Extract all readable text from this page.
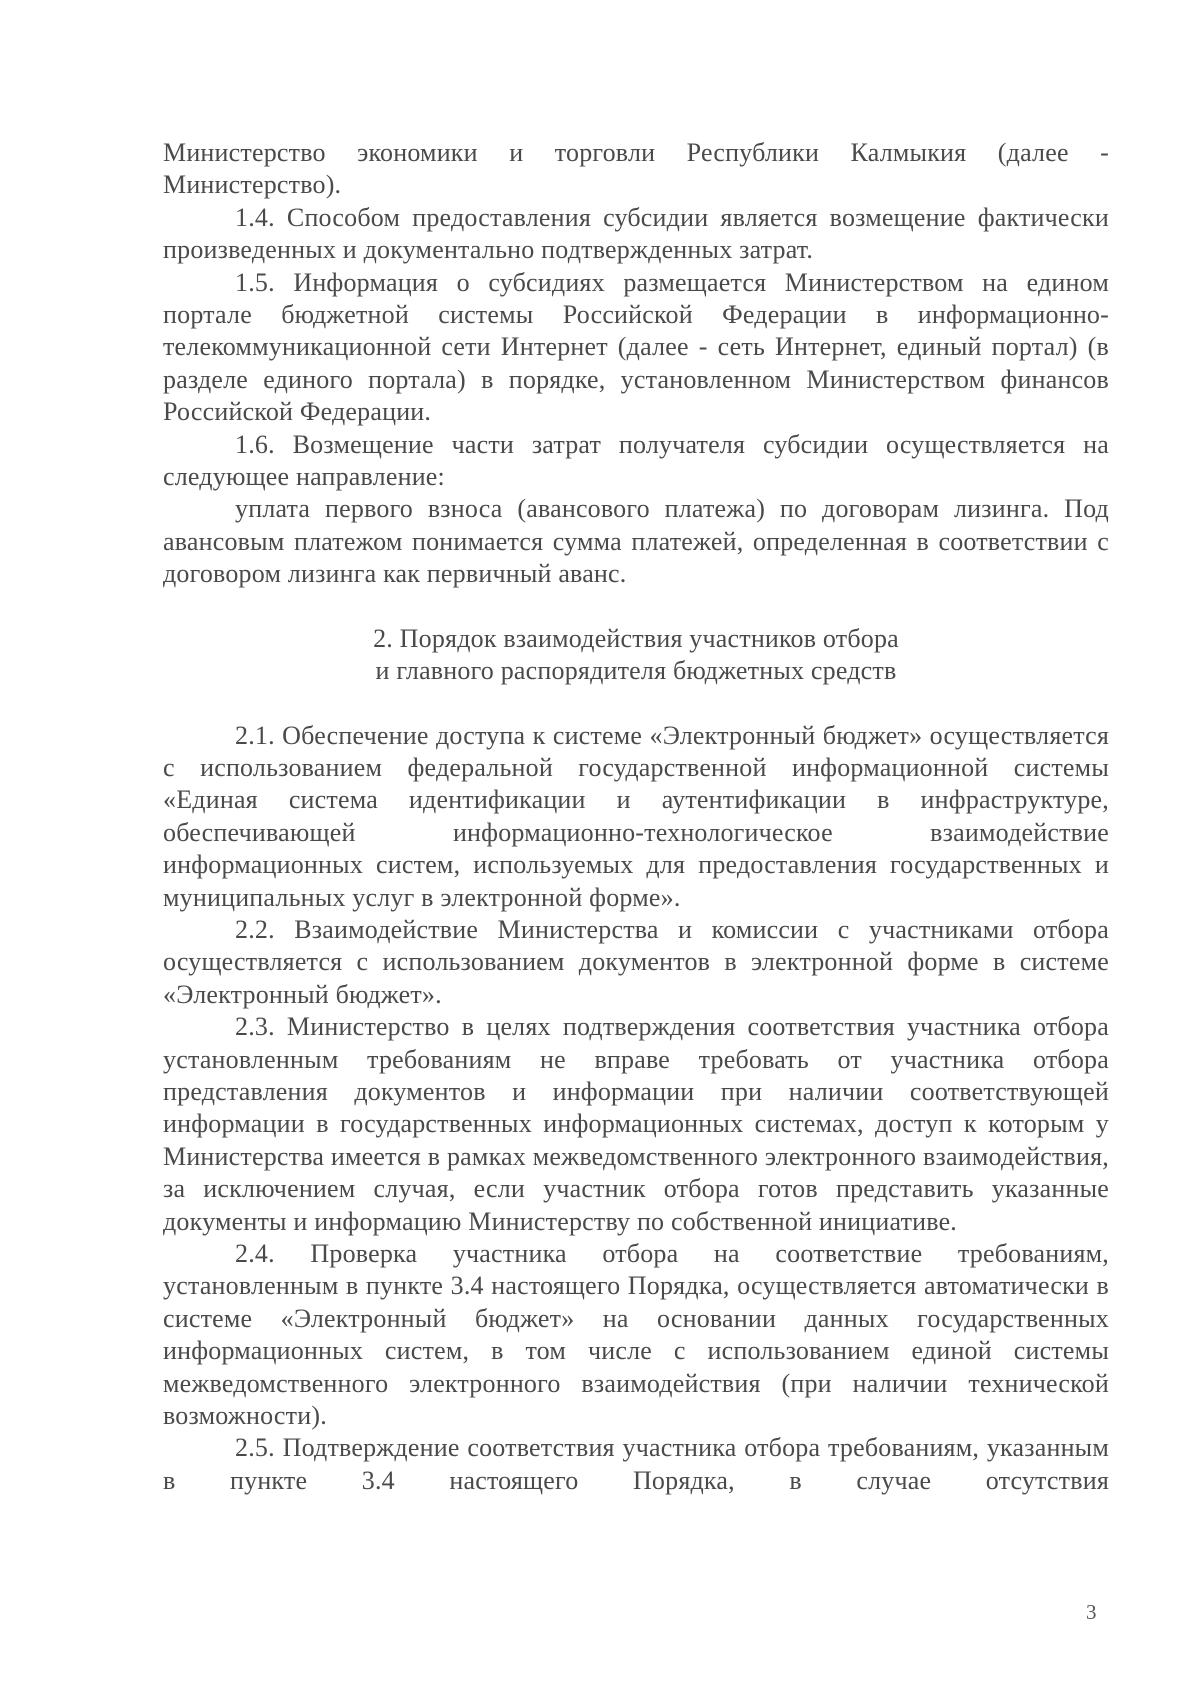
Министерство экономики и торговли Республики Калмыкия (далее - Министерство).

1.4. Способом предоставления субсидии является возмещение фактически произведенных и документально подтвержденных затрат.

1.5. Информация о субсидиях размещается Министерством на едином портале бюджетной системы Российской Федерации в информационно-телекоммуникационной сети Интернет (далее - сеть Интернет, единый портал) (в разделе единого портала) в порядке, установленном Министерством финансов Российской Федерации.

1.6. Возмещение части затрат получателя субсидии осуществляется на следующее направление:

уплата первого взноса (авансового платежа) по договорам лизинга. Под авансовым платежом понимается сумма платежей, определенная в соответствии с договором лизинга как первичный аванс.

2. Порядок взаимодействия участников отбора
и главного распорядителя бюджетных средств

2.1. Обеспечение доступа к системе «Электронный бюджет» осуществляется с использованием федеральной государственной информационной системы «Единая система идентификации и аутентификации в инфраструктуре, обеспечивающей информационно-технологическое взаимодействие информационных систем, используемых для предоставления государственных и муниципальных услуг в электронной форме».

2.2. Взаимодействие Министерства и комиссии с участниками отбора осуществляется с использованием документов в электронной форме в системе «Электронный бюджет».

2.3. Министерство в целях подтверждения соответствия участника отбора установленным требованиям не вправе требовать от участника отбора представления документов и информации при наличии соответствующей информации в государственных информационных системах, доступ к которым у Министерства имеется в рамках межведомственного электронного взаимодействия, за исключением случая, если участник отбора готов представить указанные документы и информацию Министерству по собственной инициативе.

2.4. Проверка участника отбора на соответствие требованиям, установленным в пункте 3.4 настоящего Порядка, осуществляется автоматически в системе «Электронный бюджет» на основании данных государственных информационных систем, в том числе с использованием единой системы межведомственного электронного взаимодействия (при наличии технической возможности).

2.5. Подтверждение соответствия участника отбора требованиям, указанным в пункте 3.4 настоящего Порядка, в случае отсутствия

3
